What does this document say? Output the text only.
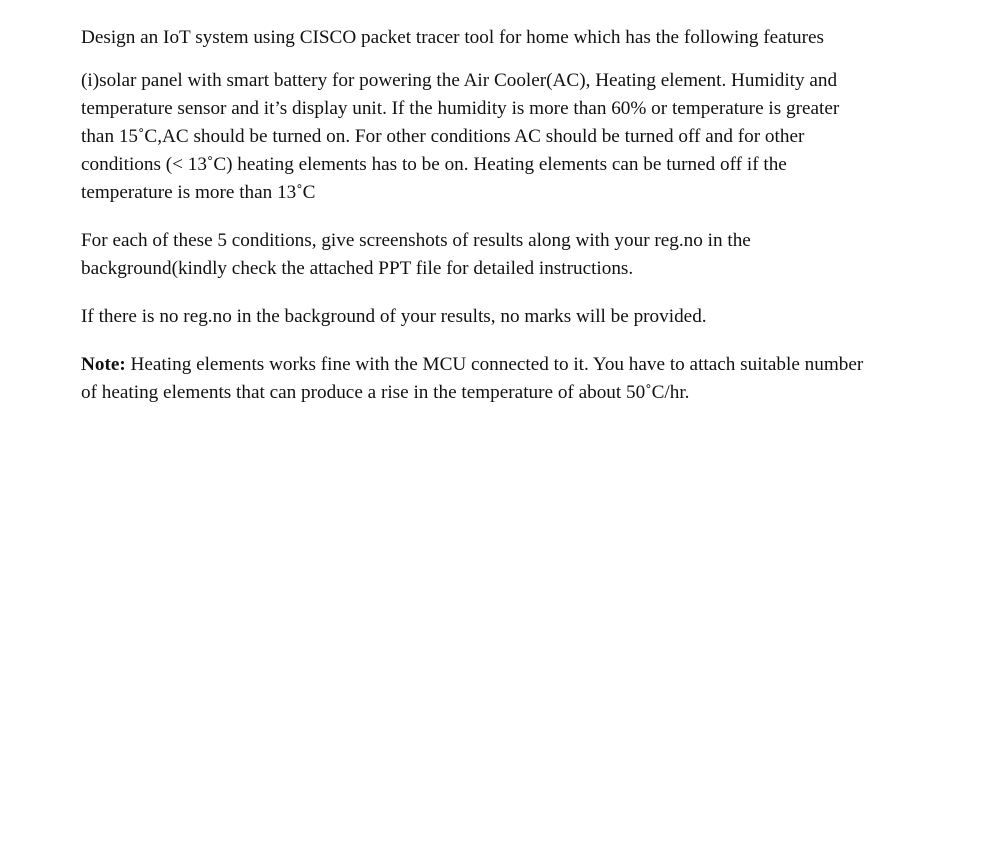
Design an IoT system using CISCO packet tracer tool for home which has the following features

(i)solar panel with smart battery for powering the Air Cooler(AC), Heating element. Humidity and
temperature sensor and it’s display unit. If the humidity is more than 60% or temperature is greater
than 15˚C,AC should be turned on. For other conditions AC should be turned off and for other
conditions (< 13˚C) heating elements has to be on. Heating elements can be turned off if the
temperature is more than 13˚C

For each of these 5 conditions, give screenshots of results along with your reg.no in the
background(kindly check the attached PPT file for detailed instructions.

If there is no reg.no in the background of your results, no marks will be provided.

Note: Heating elements works fine with the MCU connected to it. You have to attach suitable number
of heating elements that can produce a rise in the temperature of about 50˚C/hr.
